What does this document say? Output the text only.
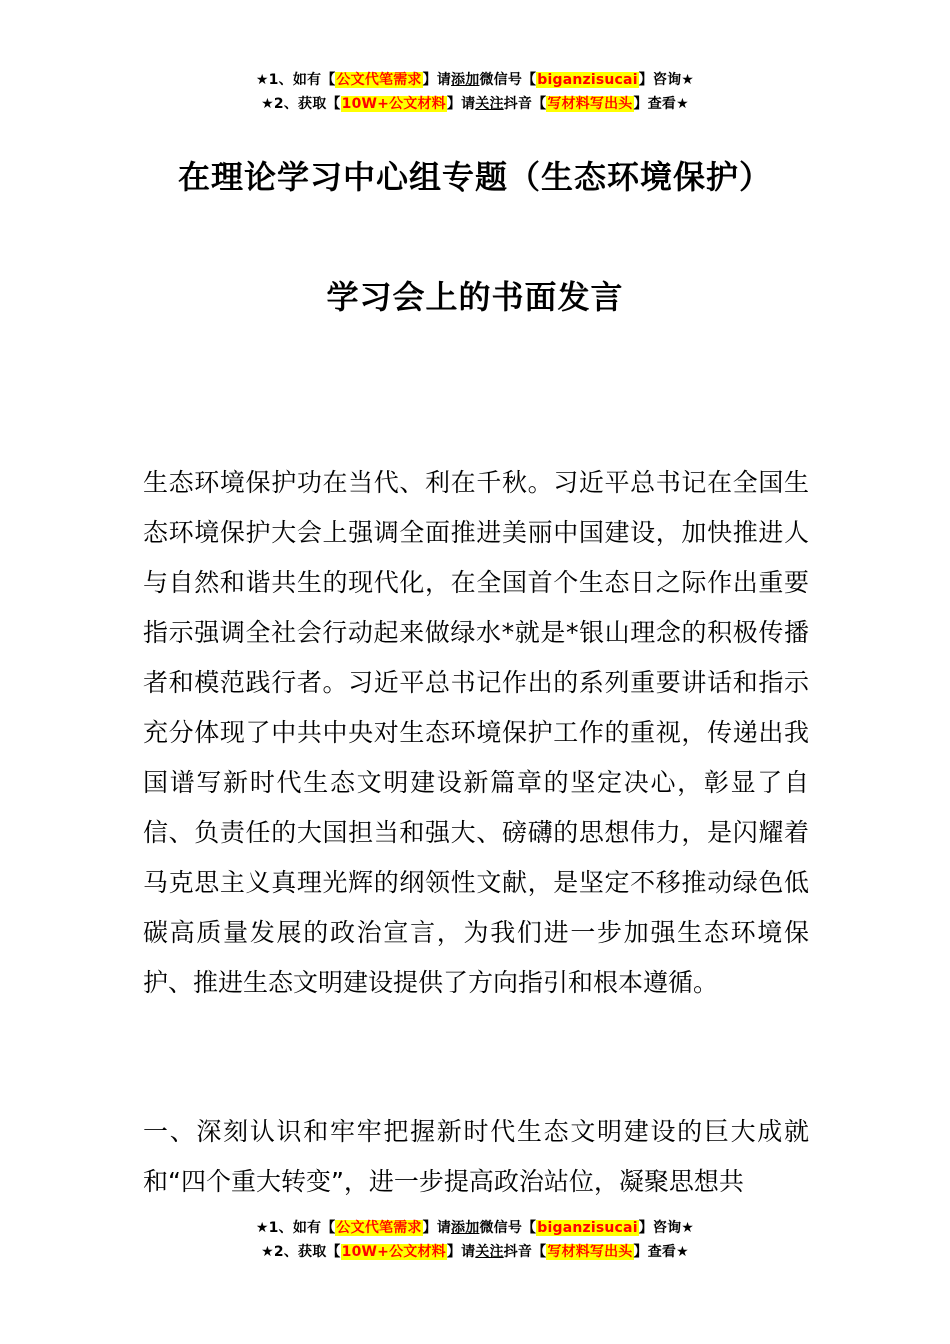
★1、如有【公文代笔需求】请添加微信号【biganzisucai】咨询★
★2、获取【10W+公文材料】请关注抖音【写材料写出头】查看★
在理论学习中心组专题（生态环境保护）
学习会上的书面发言
生态环境保护功在当代、利在千秋。习近平总书记在全国生态环境保护大会上强调全面推进美丽中国建设，加快推进人与自然和谐共生的现代化，在全国首个生态日之际作出重要指示强调全社会行动起来做绿水*就是*银山理念的积极传播者和模范践行者。习近平总书记作出的系列重要讲话和指示充分体现了中共中央对生态环境保护工作的重视，传递出我国谱写新时代生态文明建设新篇章的坚定决心，彰显了自信、负责任的大国担当和强大、磅礴的思想伟力，是闪耀着马克思主义真理光辉的纲领性文献，是坚定不移推动绿色低碳高质量发展的政治宣言，为我们进一步加强生态环境保护、推进生态文明建设提供了方向指引和根本遵循。
一、深刻认识和牢牢把握新时代生态文明建设的巨大成就和“四个重大转变”，进一步提高政治站位，凝聚思想共
★1、如有【公文代笔需求】请添加微信号【biganzisucai】咨询★
★2、获取【10W+公文材料】请关注抖音【写材料写出头】查看★
